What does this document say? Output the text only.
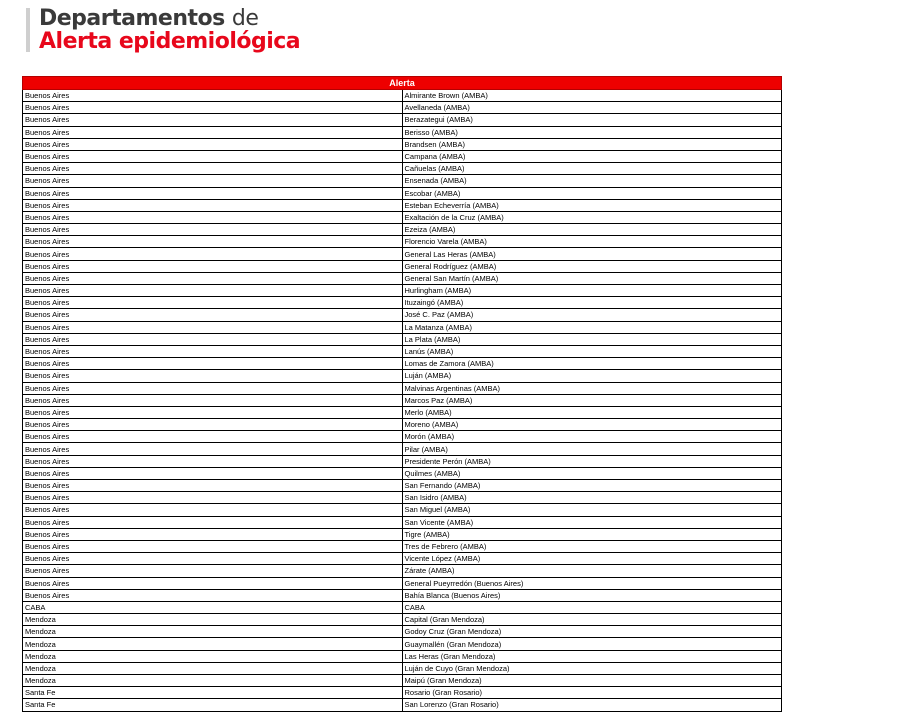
Departamentos de
Alerta epidemiológica
Alerta	
Buenos Aires	Almirante Brown (AMBA)
Buenos Aires	Avellaneda (AMBA)
Buenos Aires	Berazategui (AMBA)
Buenos Aires	Berisso (AMBA)
Buenos Aires	Brandsen (AMBA)
Buenos Aires	Campana (AMBA)
Buenos Aires	Cañuelas (AMBA)
Buenos Aires	Ensenada (AMBA)
Buenos Aires	Escobar (AMBA)
Buenos Aires	Esteban Echeverría (AMBA)
Buenos Aires	Exaltación de la Cruz (AMBA)
Buenos Aires	Ezeiza (AMBA)
Buenos Aires	Florencio Varela (AMBA)
Buenos Aires	General Las Heras (AMBA)
Buenos Aires	General Rodríguez (AMBA)
Buenos Aires	General San Martín (AMBA)
Buenos Aires	Hurlingham (AMBA)
Buenos Aires	Ituzaingó (AMBA)
Buenos Aires	José C. Paz (AMBA)
Buenos Aires	La Matanza (AMBA)
Buenos Aires	La Plata (AMBA)
Buenos Aires	Lanús (AMBA)
Buenos Aires	Lomas de Zamora (AMBA)
Buenos Aires	Luján (AMBA)
Buenos Aires	Malvinas Argentinas (AMBA)
Buenos Aires	Marcos Paz (AMBA)
Buenos Aires	Merlo (AMBA)
Buenos Aires	Moreno (AMBA)
Buenos Aires	Morón (AMBA)
Buenos Aires	Pilar (AMBA)
Buenos Aires	Presidente Perón (AMBA)
Buenos Aires	Quilmes (AMBA)
Buenos Aires	San Fernando (AMBA)
Buenos Aires	San Isidro (AMBA)
Buenos Aires	San Miguel (AMBA)
Buenos Aires	San Vicente (AMBA)
Buenos Aires	Tigre (AMBA)
Buenos Aires	Tres de Febrero (AMBA)
Buenos Aires	Vicente López (AMBA)
Buenos Aires	Zárate (AMBA)
Buenos Aires	General Pueyrredón (Buenos Aires)
Buenos Aires	Bahía Blanca (Buenos Aires)
CABA	CABA
Mendoza	Capital (Gran Mendoza)
Mendoza	Godoy Cruz (Gran Mendoza)
Mendoza	Guaymallén (Gran Mendoza)
Mendoza	Las Heras (Gran Mendoza)
Mendoza	Luján de Cuyo (Gran Mendoza)
Mendoza	Maipú (Gran Mendoza)
Santa Fe	Rosario (Gran Rosario)
Santa Fe	San Lorenzo (Gran Rosario)
